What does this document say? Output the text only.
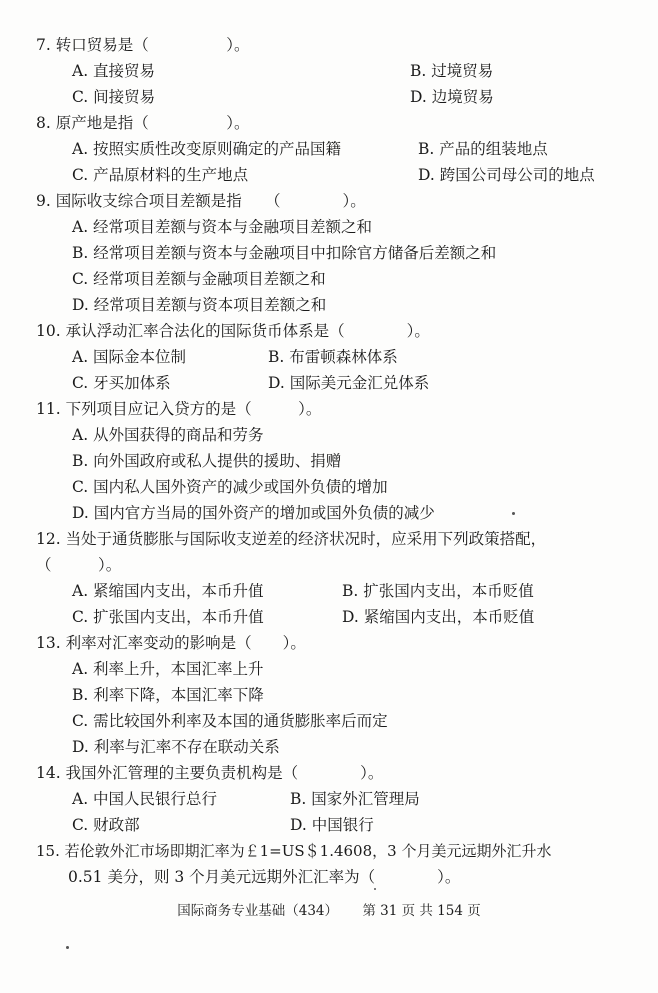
7. 转口贸易是（　　　　　）。
A. 直接贸易	B. 过境贸易
C. 间接贸易	D. 边境贸易
8. 原产地是指（　　　　　）。
A. 按照实质性改变原则确定的产品国籍	B. 产品的组装地点
C. 产品原材料的生产地点	D. 跨国公司母公司的地点
9. 国际收支综合项目差额是指　　（　　　　）。
A. 经常项目差额与资本与金融项目差额之和
B. 经常项目差额与资本与金融项目中扣除官方储备后差额之和
C. 经常项目差额与金融项目差额之和
D. 经常项目差额与资本项目差额之和
10. 承认浮动汇率合法化的国际货币体系是（　　　　）。
A. 国际金本位制	B. 布雷顿森林体系
C. 牙买加体系	D. 国际美元金汇兑体系
11. 下列项目应记入贷方的是（　　　）。
A. 从外国获得的商品和劳务
B. 向外国政府或私人提供的援助、捐赠
C. 国内私人国外资产的减少或国外负债的增加
D. 国内官方当局的国外资产的增加或国外负债的减少
12. 当处于通货膨胀与国际收支逆差的经济状况时，应采用下列政策搭配，
（　　　）。
A. 紧缩国内支出，本币升值	B. 扩张国内支出，本币贬值
C. 扩张国内支出，本币升值	D. 紧缩国内支出，本币贬值
13. 利率对汇率变动的影响是（　　）。
A. 利率上升，本国汇率上升
B. 利率下降，本国汇率下降
C. 需比较国外利率及本国的通货膨胀率后而定
D. 利率与汇率不存在联动关系
14. 我国外汇管理的主要负责机构是（　　　　）。
A. 中国人民银行总行	B. 国家外汇管理局
C. 财政部	D. 中国银行
15. 若伦敦外汇市场即期汇率为￡1=US＄1.4608，3 个月美元远期外汇升水
0.51 美分，则 3 个月美元远期外汇汇率为（　　　　）。
国际商务专业基础（434） 第 31 页 共 154 页
